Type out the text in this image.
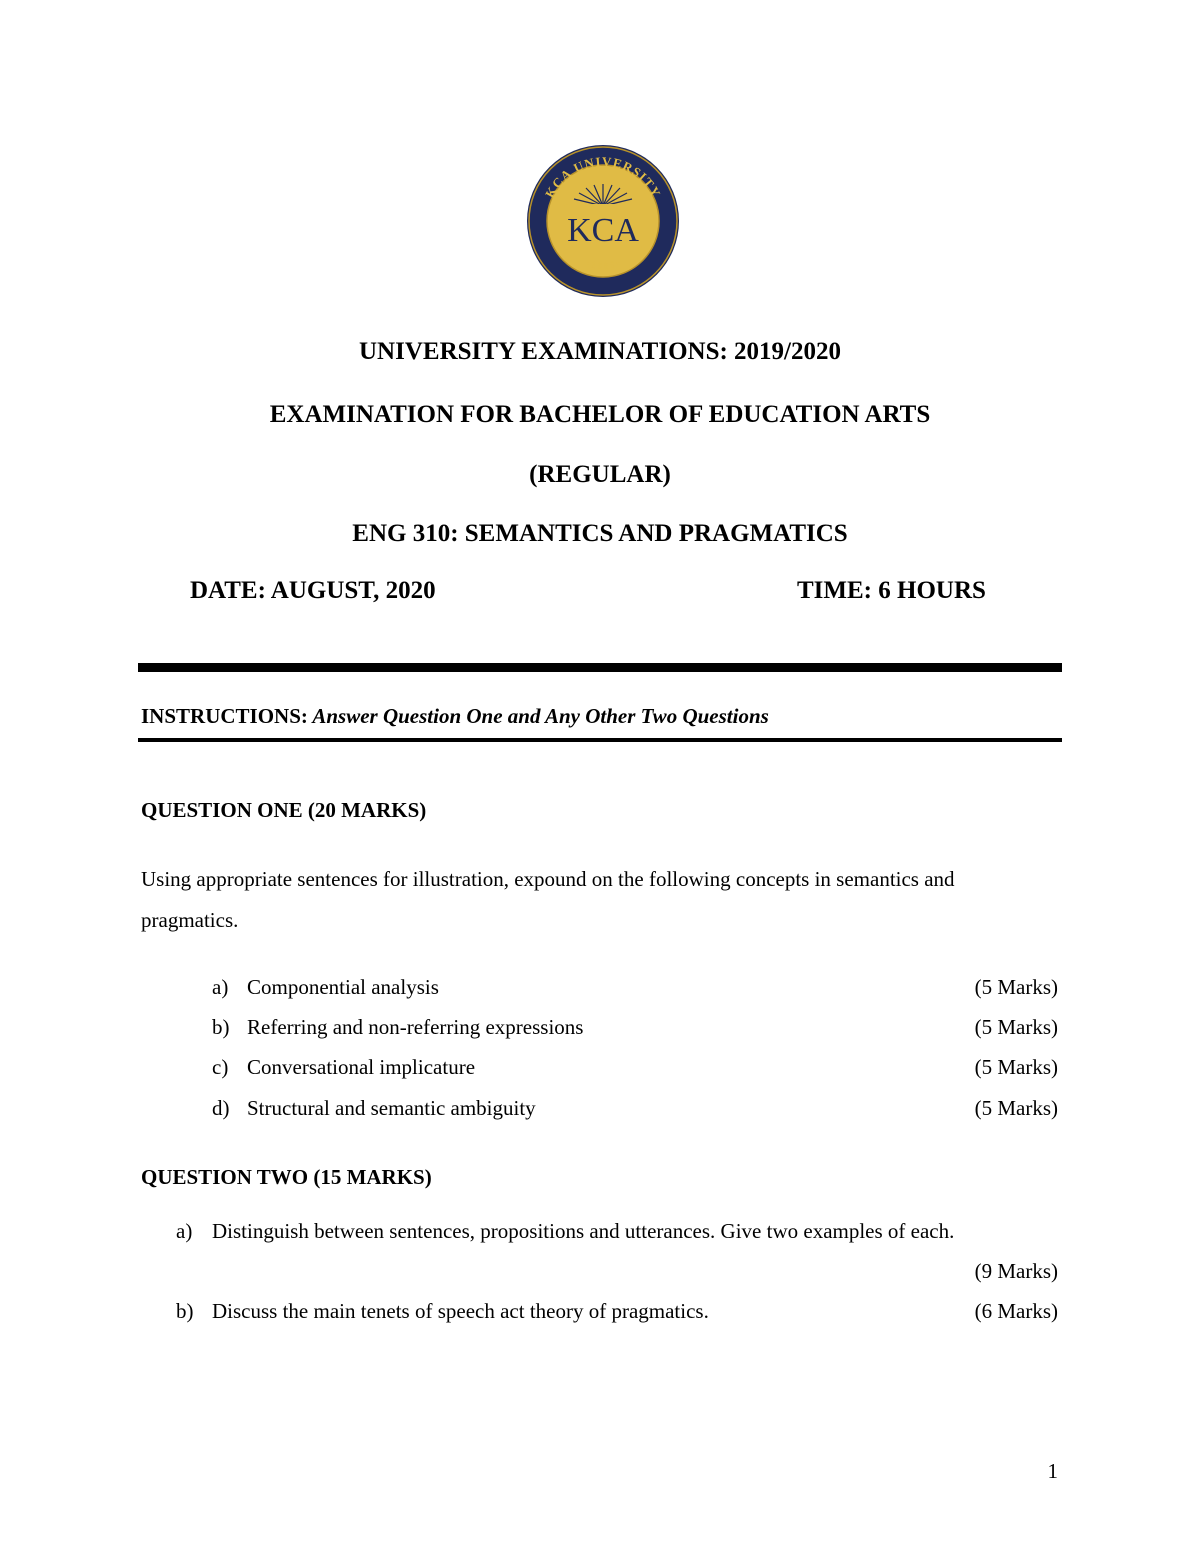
KCA UNIVERSITY
KCA
• 1 9 8 9 •
UNIVERSITY EXAMINATIONS: 2019/2020
EXAMINATION FOR BACHELOR OF EDUCATION ARTS
(REGULAR)
ENG 310: SEMANTICS AND PRAGMATICS
DATE: AUGUST, 2020	TIME: 6 HOURS
INSTRUCTIONS: Answer Question One and Any Other Two Questions
QUESTION ONE (20 MARKS)
Using appropriate sentences for illustration, expound on the following concepts in semantics and
pragmatics.
a) Componential analysis	(5 Marks)
b) Referring and non-referring expressions	(5 Marks)
c) Conversational implicature	(5 Marks)
d) Structural and semantic ambiguity	(5 Marks)
QUESTION TWO (15 MARKS)
a) Distinguish between sentences, propositions and utterances. Give two examples of each.
(9 Marks)
b) Discuss the main tenets of speech act theory of pragmatics.	(6 Marks)
1
